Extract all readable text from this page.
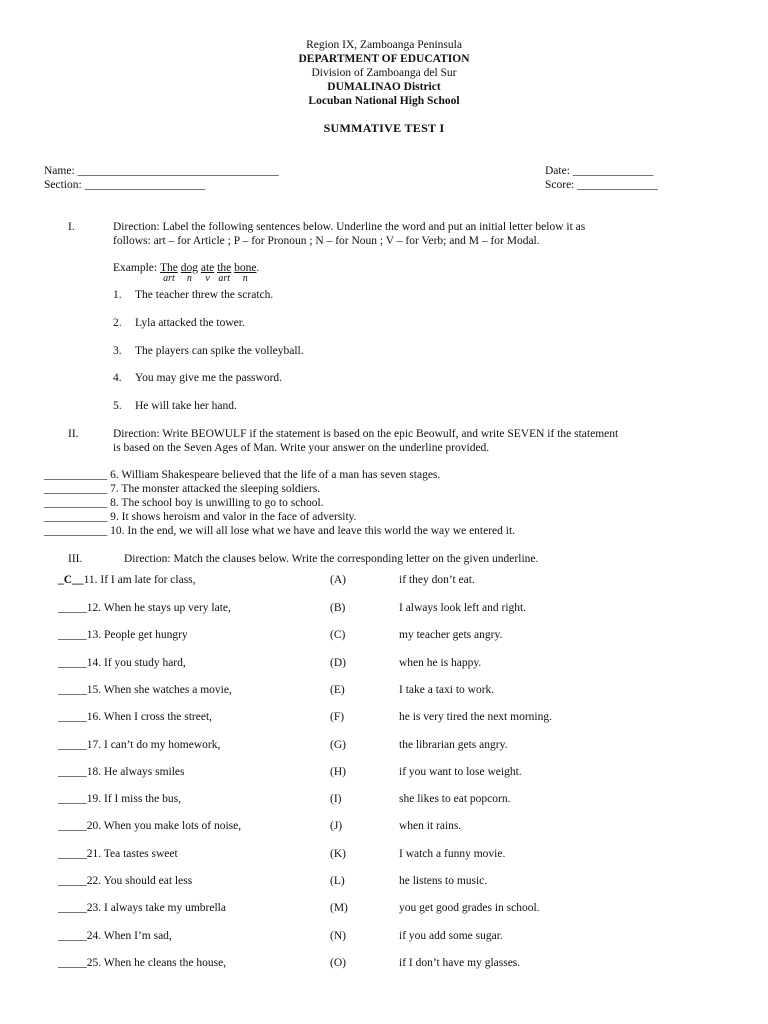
Region IX, Zamboanga Peninsula
DEPARTMENT OF EDUCATION
Division of Zamboanga del Sur
DUMALINAO District
Locuban National High School
SUMMATIVE TEST I
Name: ___________________________________	Date: ______________
Section: _____________________	Score: ______________
I.	Direction: Label the following sentences below. Underline the word and put an initial letter below it as
follows: art – for Article ; P – for Pronoun ; N – for Noun ; V – for Verb; and M – for Modal.
Example: The
art

dog
n

ate
v

the
art

bone
n
.
1. The teacher threw the scratch.
2. Lyla attacked the tower.
3. The players can spike the volleyball.
4. You may give me the password.
5. He will take her hand.
II.	Direction: Write BEOWULF if the statement is based on the epic Beowulf, and write SEVEN if the statement
is based on the Seven Ages of Man. Write your answer on the underline provided.
___________ 6. William Shakespeare believed that the life of a man has seven stages.
___________ 7. The monster attacked the sleeping soldiers.
___________ 8. The school boy is unwilling to go to school.
___________ 9. It shows heroism and valor in the face of adversity.
___________ 10. In the end, we will all lose what we have and leave this world the way we entered it.
III.	Direction: Match the clauses below. Write the corresponding letter on the given underline.
_C__11. If I am late for class,	(A)	if they don’t eat.
_____12. When he stays up very late,	(B)	I always look left and right.
_____13. People get hungry	(C)	my teacher gets angry.
_____14. If you study hard,	(D)	when he is happy.
_____15. When she watches a movie,	(E)	I take a taxi to work.
_____16. When I cross the street,	(F)	he is very tired the next morning.
_____17. I can’t do my homework,	(G)	the librarian gets angry.
_____18. He always smiles	(H)	if you want to lose weight.
_____19. If I miss the bus,	(I)	she likes to eat popcorn.
_____20. When you make lots of noise,	(J)	when it rains.
_____21. Tea tastes sweet	(K)	I watch a funny movie.
_____22. You should eat less	(L)	he listens to music.
_____23. I always take my umbrella	(M)	you get good grades in school.
_____24. When I’m sad,	(N)	if you add some sugar.
_____25. When he cleans the house,	(O)	if I don’t have my glasses.
